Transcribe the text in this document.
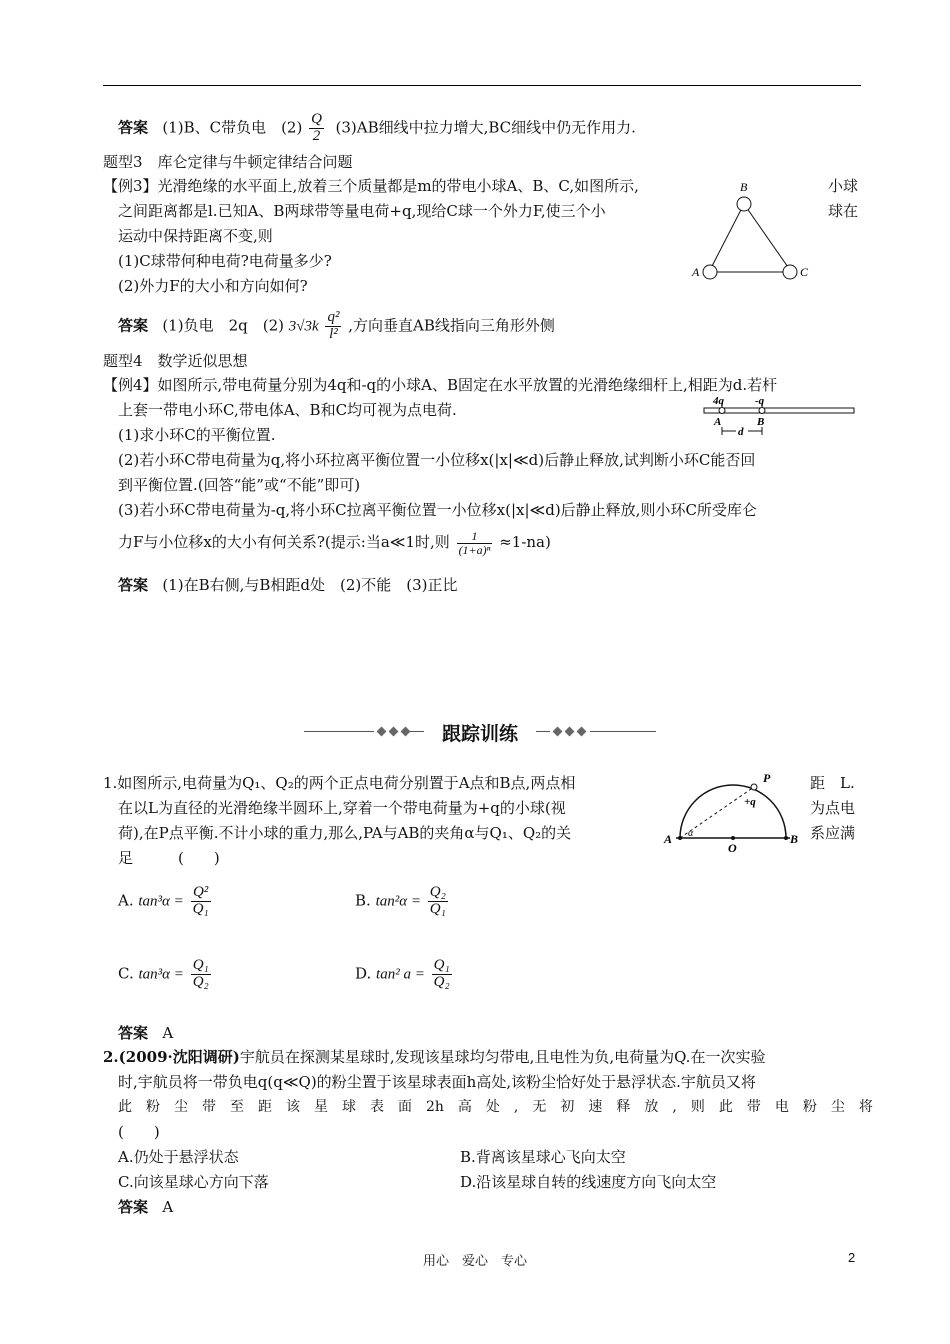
答案 (1)B、C带负电　$(2) \frac{Q}{2} (3)AB$细线中拉力增大,BC细线中仍无作用力.
题型3　库仑定律与牛顿定律结合问题
【例3】光滑绝缘的水平面上,放着三个质量都是m的带电小球A、B、C,如图所示,	小球
之间距离都是l.已知A、B两球带等量电荷+q,现给C球一个外力F,使三个小	球在
运动中保持距离不变,则
(1)C球带何种电荷?电荷量多少?
(2)外力F的大小和方向如何?
B
A	C
答案 (1)负电　2q　(2) $3√3k \frac{\text{q²}}{\text{l²}}$ ,方向垂直AB线指向三角形外侧
题型4　数学近似思想
【例4】如图所示,带电荷量分别为4q和-q的小球A、B固定在水平放置的光滑绝缘细杆上,相距为d.若杆
上套一带电小环C,带电体A、B和C均可视为点电荷.	4q	-q
A	B
d
(1)求小环C的平衡位置.
(2)若小环C带电荷量为q,将小环拉离平衡位置一小位移x(|x|≪d)后静止释放,试判断小环C能否回
到平衡位置.(回答“能”或“不能”即可)
(3)若小环C带电荷量为-q,将小环C拉离平衡位置一小位移x(|x|≪d)后静止释放,则小环C所受库仑
力F与小位移x的大小有何关系?(提示:当a≪1时,则 $\frac{1}{\text{(1+a)ⁿ}} \approx 1-na$)
答案 (1)在B右侧,与B相距d处　(2)不能　(3)正比
跟踪训练
1.如图所示,电荷量为Q₁、Q₂的两个正点电荷分别置于A点和B点,两点相	距　L.
在以L为直径的光滑绝缘半圆环上,穿着一个带电荷量为+q的小球(视	为点电
荷),在P点平衡.不计小球的重力,那么,PA与AB的夹角α与Q₁、Q₂的关	系应满
足　　　(　　)
P
+q
α
A
O
B
A. $\tan^3\alpha = \frac{\text{Q²}}{\text{Q₁}}$	B. $\tan^2\alpha = \frac{\text{Q₂}}{\text{Q₁}}$
C. $\tan^3\alpha = \frac{\text{Q₁}}{\text{Q₂}}$	D. tan² $a = \frac{\text{Q₁}}{\text{Q₂}}$
答案 A
2.(2009·沈阳调研)宇航员在探测某星球时,发现该星球均匀带电,且电性为负,电荷量为Q.在一次实验
时,宇航员将一带负电q(q≪Q)的粉尘置于该星球表面h高处,该粉尘恰好处于悬浮状态.宇航员又将
此　粉　尘　带　至　距　该　星　球　表　面　2h　高　处　,　无　初　速　释　放　,　则　此　带　电　粉　尘　将
(　　)
A.仍处于悬浮状态	B.背离该星球心飞向太空
C.向该星球心方向下落	D.沿该星球自转的线速度方向飞向太空
答案 A
用心　爱心　专心	2
